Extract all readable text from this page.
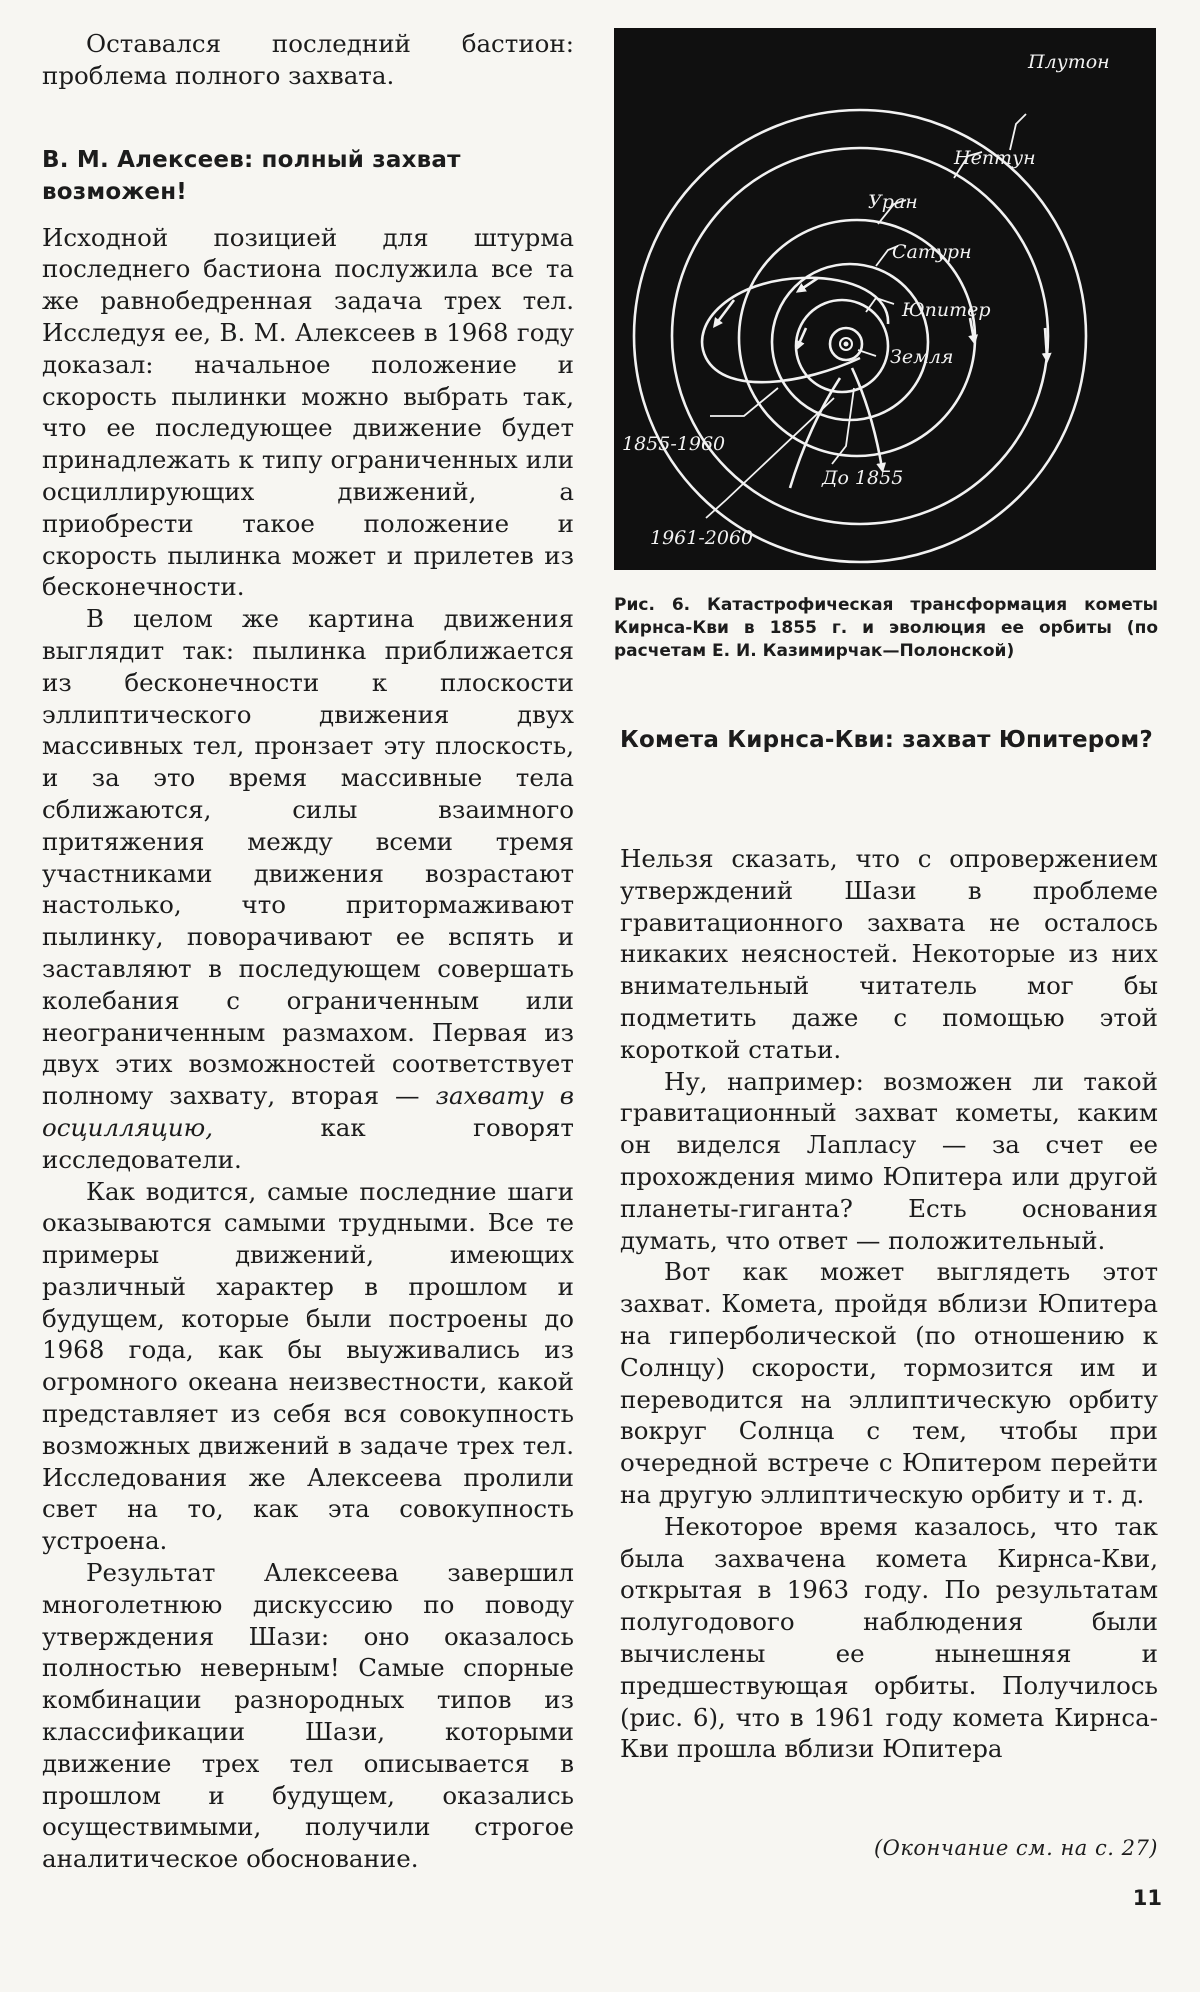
Оставался последний бастион: проблема полного захвата.

В. М. Алексеев: полный захват возможен!

Исходной позицией для штурма последнего бастиона послужила все та же равнобедренная задача трех тел. Исследуя ее, В. М. Алексеев в 1968 году доказал: начальное положение и скорость пылинки можно выбрать так, что ее последующее движение будет принадлежать к типу ограниченных или осциллирующих движений, а приобрести такое положение и скорость пылинка может и прилетев из бесконечности.

В целом же картина движения выглядит так: пылинка приближается из бесконечности к плоскости эллиптического движения двух массивных тел, пронзает эту плоскость, и за это время массивные тела сближаются, силы взаимного притяжения между всеми тремя участниками движения возрастают настолько, что притормаживают пылинку, поворачивают ее вспять и заставляют в последующем совершать колебания с ограниченным или неограниченным размахом. Первая из двух этих возможностей соответствует полному захвату, вторая — захвату в осцилляцию,	как говорят исследователи.

Как водится, самые последние шаги оказываются самыми трудными. Все те примеры движений, имеющих различный характер в прошлом и будущем, которые были построены до 1968 года, как бы выуживались из огромного океана неизвестности, какой представляет из себя вся совокупность возможных движений в задаче трех тел. Исследования же Алексеева пролили свет на то, как эта совокупность устроена.

Результат Алексеева завершил многолетнюю дискуссию по поводу утверждения Шази: оно оказалось полностью неверным! Самые спорные комбинации разнородных типов из классификации Шази, которыми движение трех тел описывается в прошлом и будущем, оказались осуществимыми, получили строгое аналитическое обоснование.

Плутон
Нептун
Уран
Сатурн
Юпитер
Земля
1855-1960
До 1855
1961-2060
Рис. 6. Катастрофическая трансформация кометы Кирнса-Кви в 1855 г. и эволюция ее орбиты (по расчетам Е. И. Казимирчак—Полонской)
Комета Кирнса-Кви: захват Юпитером?

Нельзя сказать, что с опровержением утверждений Шази в проблеме гравитационного захвата не осталось никаких неясностей. Некоторые из них внимательный читатель мог бы подметить даже с помощью этой короткой статьи.

Ну, например: возможен ли такой гравитационный захват кометы, каким он виделся Лапласу — за счет ее прохождения мимо Юпитера или другой планеты-гиганта? Есть основания думать, что ответ — положительный.

Вот как может выглядеть этот захват. Комета, пройдя вблизи Юпитера на гиперболической (по отношению к Солнцу) скорости, тормозится им и переводится на эллиптическую орбиту вокруг Солнца с тем, чтобы при очередной встрече с Юпитером перейти на другую эллиптическую орбиту и т. д.

Некоторое время казалось, что так была захвачена комета Кирнса-Кви, открытая в 1963 году. По результатам полугодового наблюдения были вычислены ее нынешняя и предшествующая орбиты. Получилось (рис. 6), что в 1961 году комета Кирнса-Кви прошла вблизи Юпитера

(Окончание см. на с. 27)
11
